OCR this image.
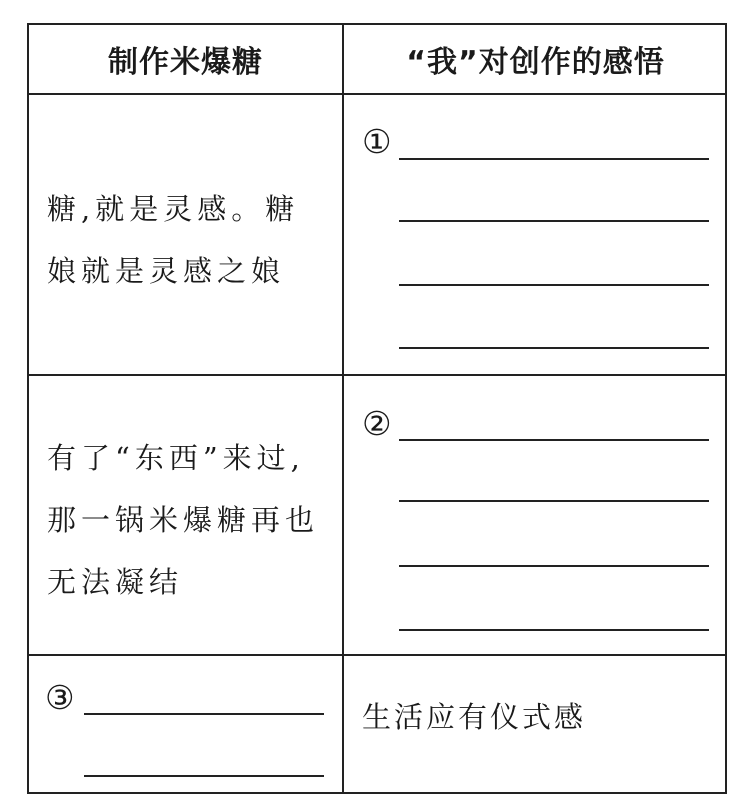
制作米爆糖	“我”对创作的感悟
糖,就是灵感。糖
娘就是灵感之娘
①
有了“东西”来过,
那一锅米爆糖再也
无法凝结
②
③	生活应有仪式感
